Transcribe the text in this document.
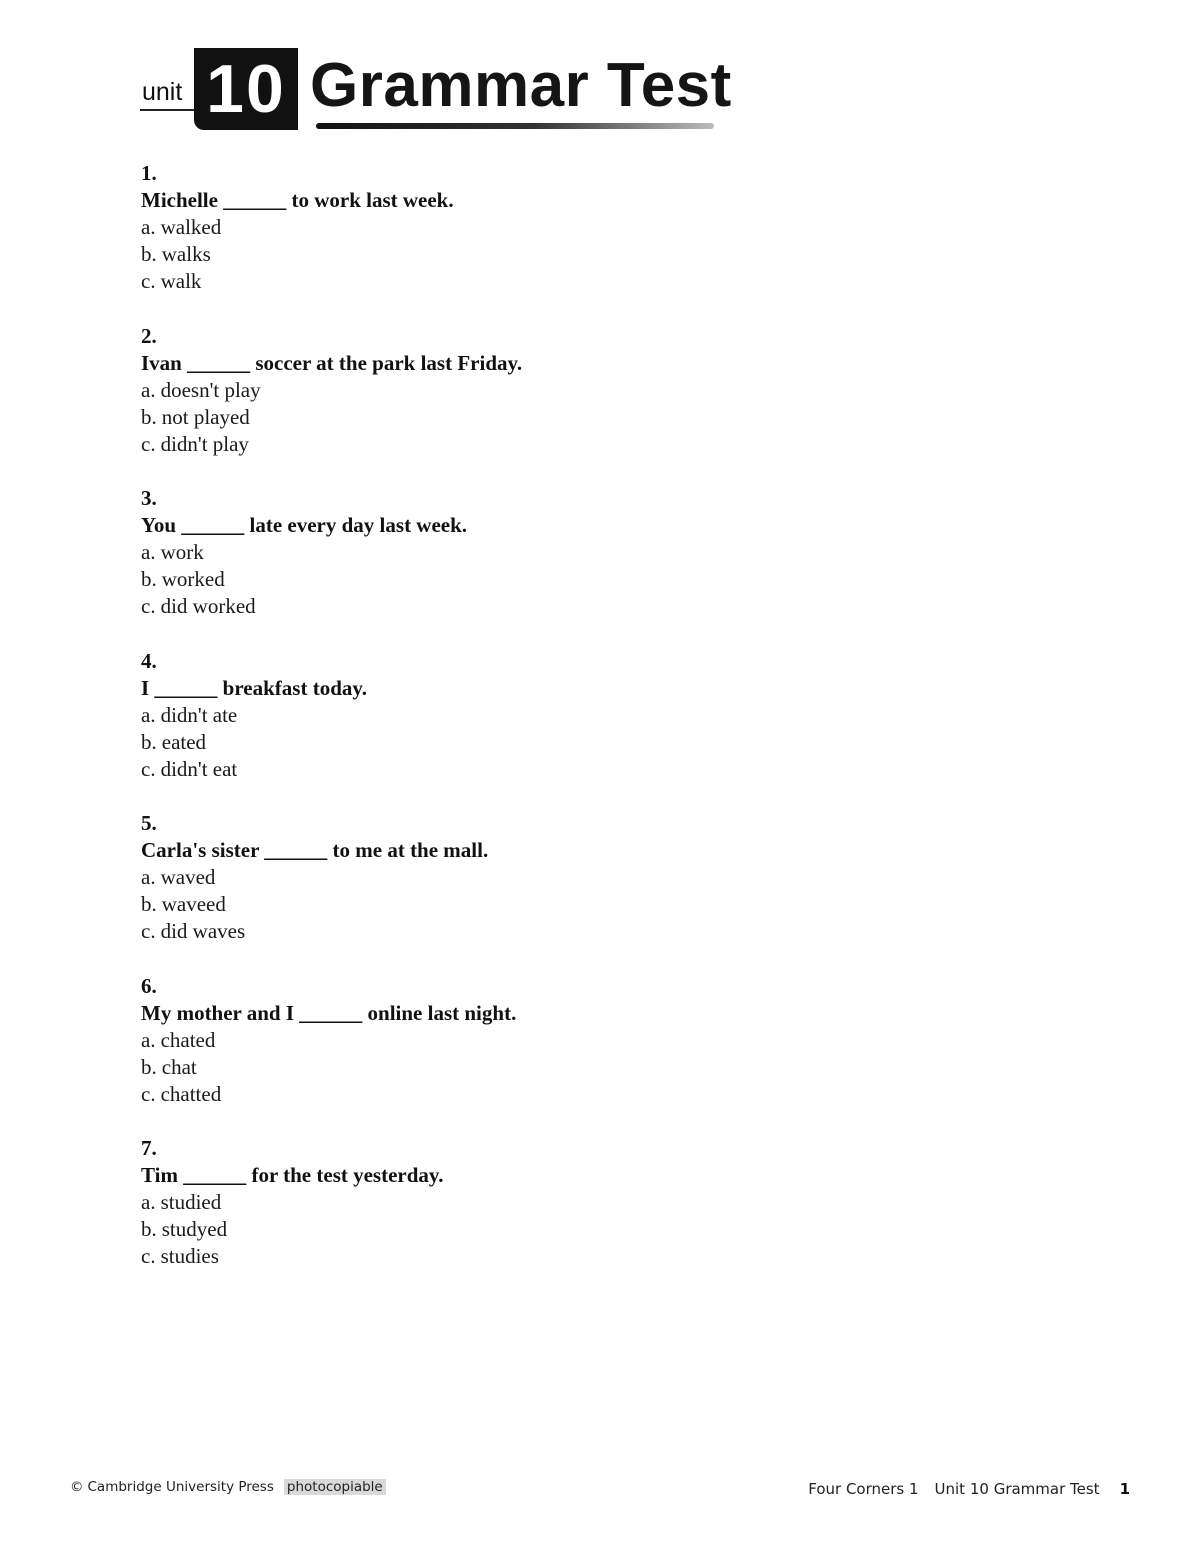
unit 10 Grammar Test
1.
Michelle ______ to work last week.
a. walked
b. walks
c. walk
2.
Ivan ______ soccer at the park last Friday.
a. doesn't play
b. not played
c. didn't play
3.
You ______ late every day last week.
a. work
b. worked
c. did worked
4.
I ______ breakfast today.
a. didn't ate
b. eated
c. didn't eat
5.
Carla's sister ______ to me at the mall.
a. waved
b. waveed
c. did waves
6.
My mother and I ______ online last night.
a. chated
b. chat
c. chatted
7.
Tim ______ for the test yesterday.
a. studied
b. studyed
c. studies
© Cambridge University Press photocopiable	Four Corners 1 Unit 10 Grammar Test 1
